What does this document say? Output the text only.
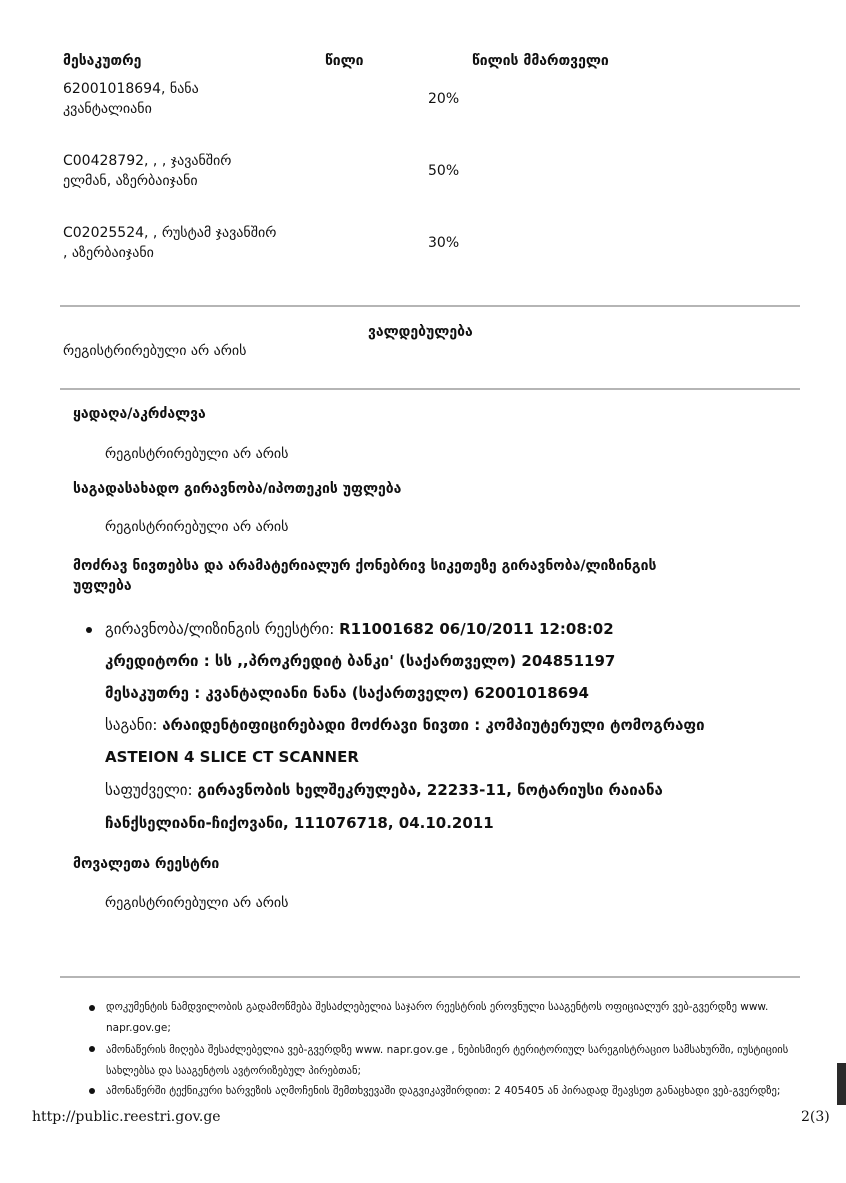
მესაკუთრე	წილი	წილის მმართველი
62001018694, ნანა
კვანტალიანი
20%
C00428792, , , ჯავანშირ
ელმან, აზერბაიჯანი
50%
C02025524, , რუსტამ ჯავანშირ
, აზერბაიჯანი
30%
ვალდებულება
რეგისტრირებული არ არის
ყადაღა/აკრძალვა
რეგისტრირებული არ არის
საგადასახადო გირავნობა/იპოთეკის უფლება
რეგისტრირებული არ არის
მოძრავ ნივთებსა და არამატერიალურ ქონებრივ სიკეთეზე გირავნობა/ლიზინგის
უფლება
გირავნობა/ლიზინგის რეესტრი: R11001682 06/10/2011 12:08:02
კრედიტორი : სს ,,პროკრედიტ ბანკი' (საქართველო) 204851197
მესაკუთრე : კვანტალიანი ნანა (საქართველო) 62001018694
საგანი: არაიდენტიფიცირებადი მოძრავი ნივთი : კომპიუტერული ტომოგრაფი
ASTEION 4 SLICE CT SCANNER
საფუძველი: გირავნობის ხელშეკრულება, 22233-11, ნოტარიუსი რაიანა
ჩანქსელიანი-ჩიქოვანი, 111076718, 04.10.2011
მოვალეთა რეესტრი
რეგისტრირებული არ არის
დოკუმენტის ნამდვილობის გადამოწმება შესაძლებელია საჯარო რეესტრის ეროვნული სააგენტოს ოფიციალურ ვებ-გვერდზე www.
napr.gov.ge;
ამონაწერის მიღება შესაძლებელია ვებ-გვერდზე www. napr.gov.ge , ნებისმიერ ტერიტორიულ სარეგისტრაციო სამსახურში, იუსტიციის
სახლებსა და სააგენტოს ავტორიზებულ პირებთან;
ამონაწერში ტექნიკური ხარვეზის აღმოჩენის შემთხვევაში დაგვიკავშირდით: 2 405405 ან პირადად შეავსეთ განაცხადი ვებ-გვერდზე;
http://public.reestri.gov.ge	2(3)
